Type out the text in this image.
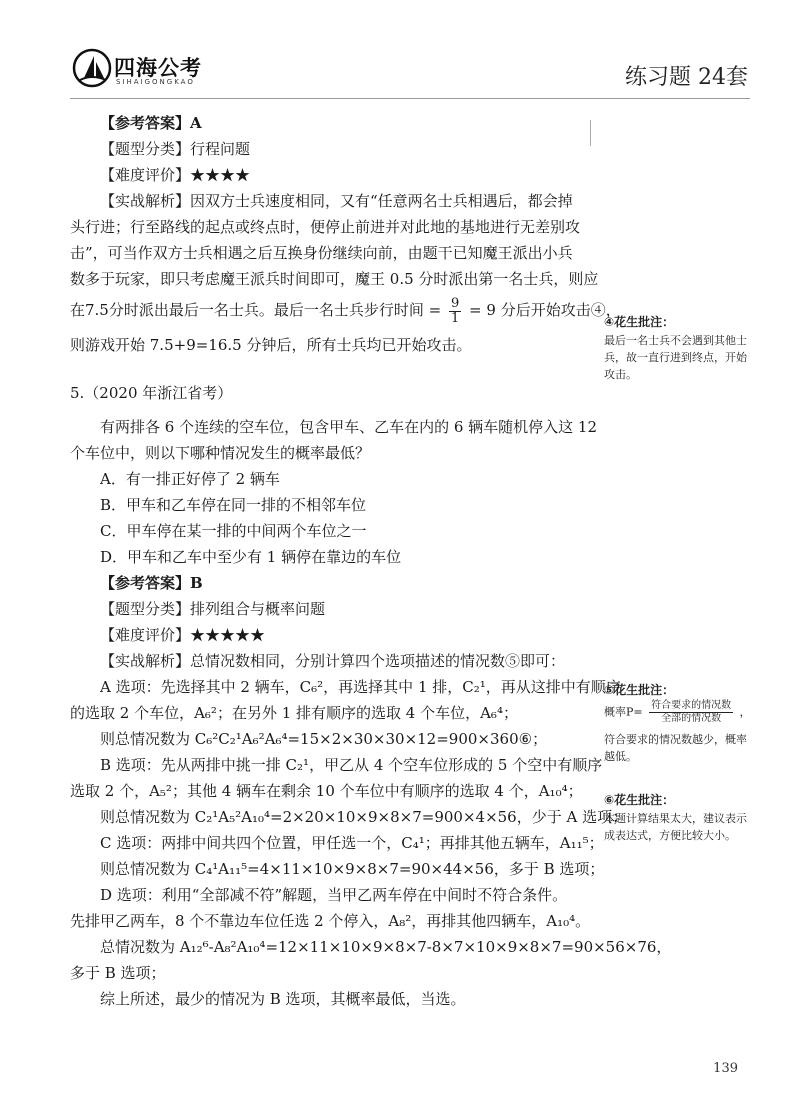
四海公考
SIHAIGONGKAO	练习题 24套

【参考答案】A

【题型分类】行程问题

【难度评价】★★★★

【实战解析】因双方士兵速度相同，又有“任意两名士兵相遇后，都会掉

头行进；行至路线的起点或终点时，便停止前进并对此地的基地进行无差别攻

击”，可当作双方士兵相遇之后互换身份继续向前，由题干已知魔王派出小兵

数多于玩家，即只考虑魔王派兵时间即可，魔王 0.5 分时派出第一名士兵，则应

在7.5分时派出最后一名士兵。最后一名士兵步行时间 = $\frac{9}{1} = 9$ 分后开始攻击④，

则游戏开始 7.5+9=16.5 分钟后，所有士兵均已开始攻击。

5.（2020 年浙江省考）

有两排各 6 个连续的空车位，包含甲车、乙车在内的 6 辆车随机停入这 12

个车位中，则以下哪种情况发生的概率最低？

A．有一排正好停了 2 辆车

B．甲车和乙车停在同一排的不相邻车位

C．甲车停在某一排的中间两个车位之一

D．甲车和乙车中至少有 1 辆停在靠边的车位

【参考答案】B

【题型分类】排列组合与概率问题

【难度评价】★★★★★

【实战解析】总情况数相同，分别计算四个选项描述的情况数⑤即可：

A 选项：先选择其中 2 辆车，C₆²，再选择其中 1 排，C₂¹，再从这排中有顺序

的选取 2 个车位，A₆²；在另外 1 排有顺序的选取 4 个车位，A₆⁴；

则总情况数为 C₆²C₂¹A₆²A₆⁴=15×2×30×30×12=900×360⑥；

B 选项：先从两排中挑一排 C₂¹，甲乙从 4 个空车位形成的 5 个空中有顺序

选取 2 个，A₅²；其他 4 辆车在剩余 10 个车位中有顺序的选取 4 个，A₁₀⁴；

则总情况数为 C₂¹A₅²A₁₀⁴=2×20×10×9×8×7=900×4×56，少于 A 选项；

C 选项：两排中间共四个位置，甲任选一个，C₄¹；再排其他五辆车，A₁₁⁵；

则总情况数为 C₄¹A₁₁⁵=4×11×10×9×8×7=90×44×56，多于 B 选项；

D 选项：利用“全部减不符”解题，当甲乙两车停在中间时不符合条件。

先排甲乙两车，8 个不靠边车位任选 2 个停入，A₈²，再排其他四辆车，A₁₀⁴。

总情况数为 A₁₂⁶-A₈²A₁₀⁴=12×11×10×9×8×7-8×7×10×9×8×7=90×56×76，

多于 B 选项；

综上所述，最少的情况为 B 选项，其概率最低，当选。

④花生批注：

最后一名士兵不会遇到其他士兵，故一直行进到终点，开始攻击。

⑤花生批注：

概率$P= \frac{\text{符合要求的情况数}}{\text{全部的情况数}}$ ，

符合要求的情况数越少，概率越低。

⑥花生批注：

本题计算结果太大，建议表示成表达式，方便比较大小。

139
